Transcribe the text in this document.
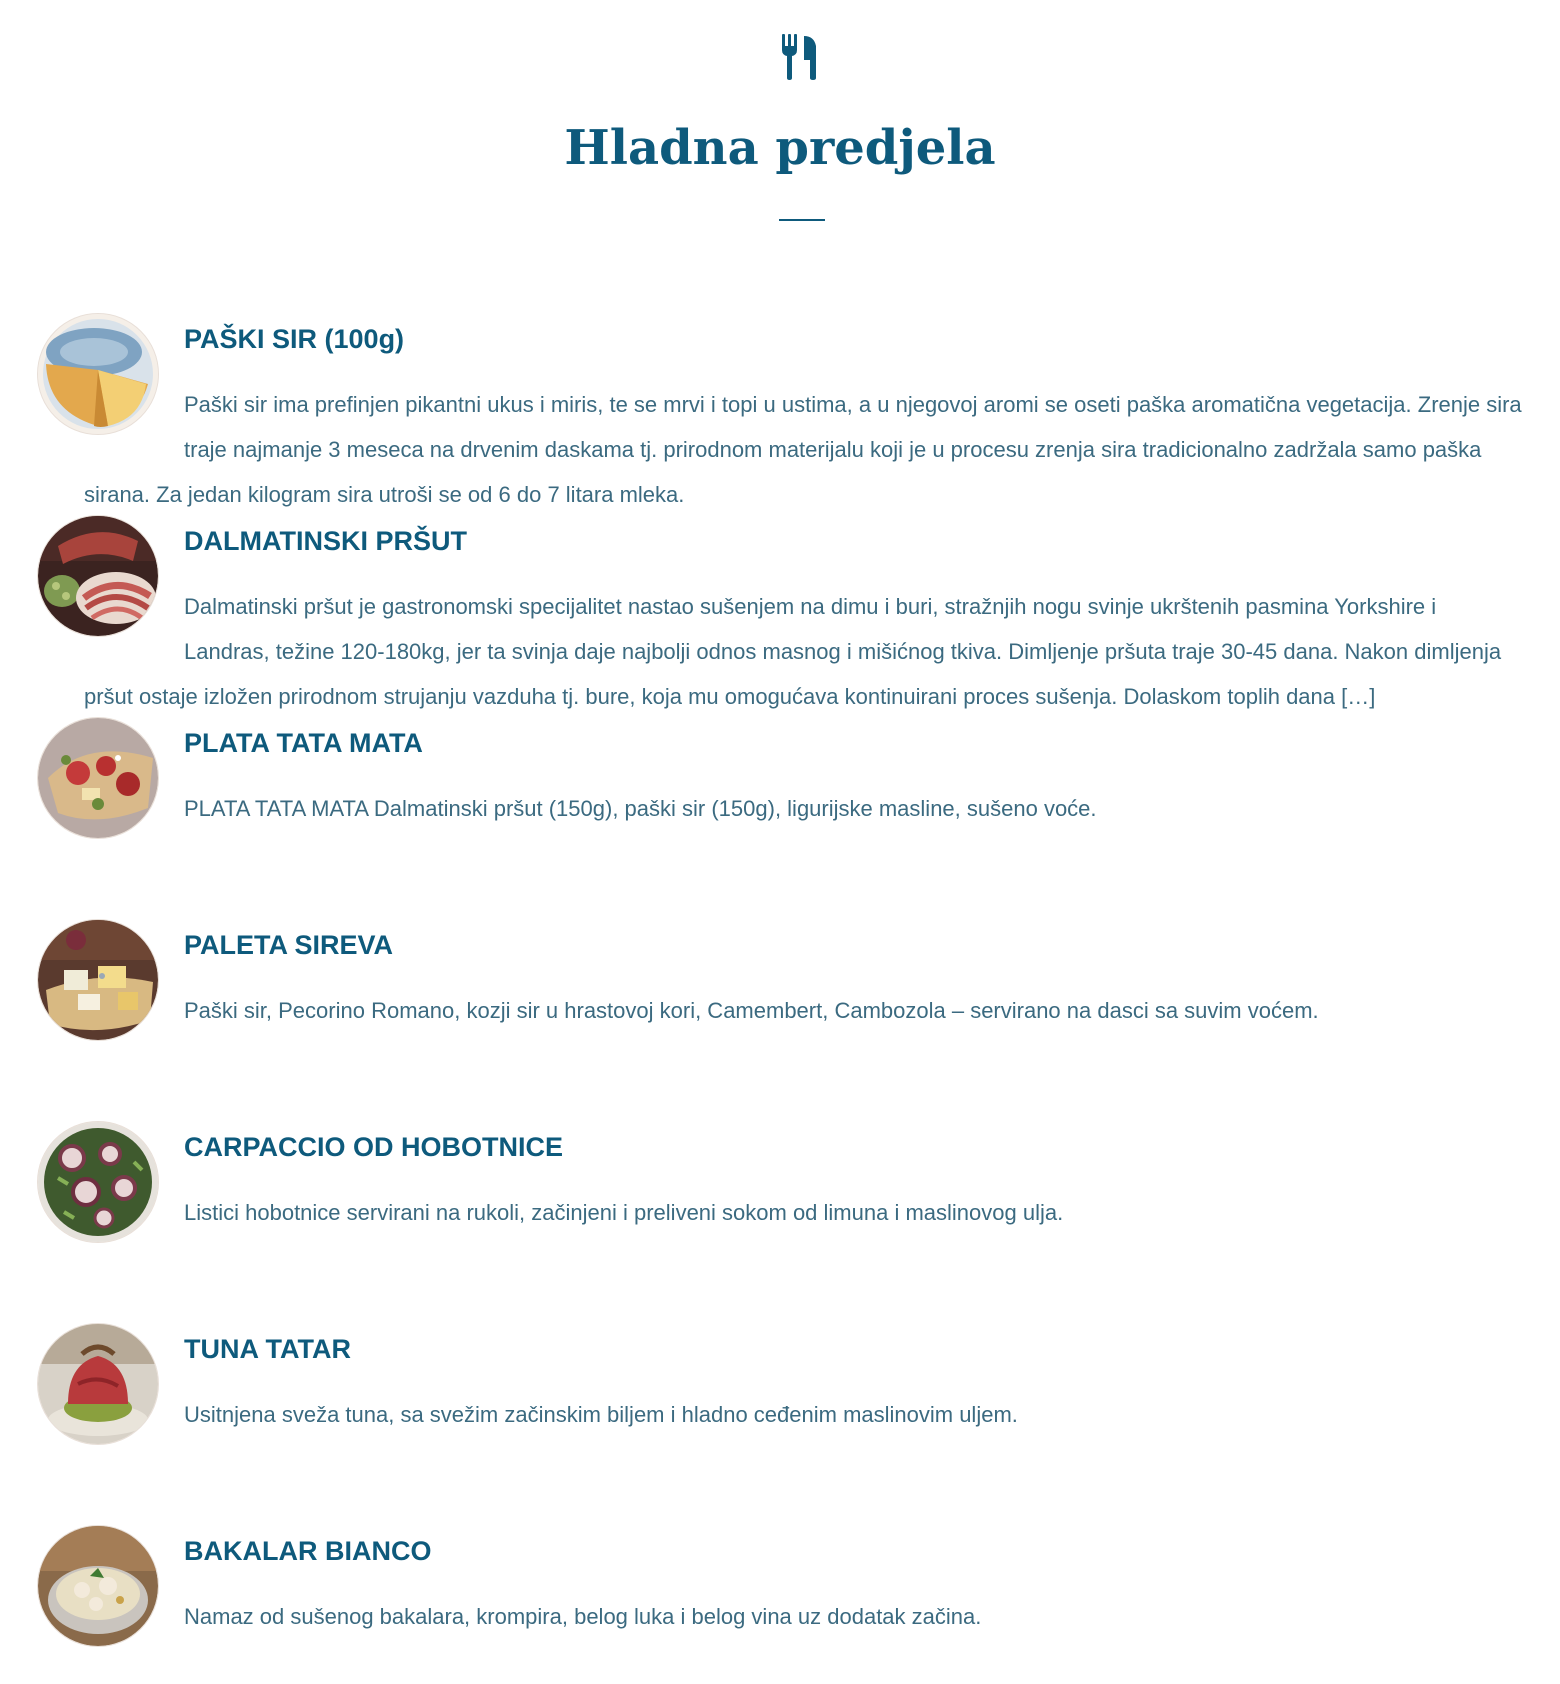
Hladna predjela
PAŠKI SIR (100g)

Paški sir ima prefinjen pikantni ukus i miris, te se mrvi i topi u ustima, a u njegovoj aromi se oseti paška aromatična vegetacija. Zrenje sira traje najmanje 3 meseca na drvenim daskama tj. prirodnom materijalu koji je u procesu zrenja sira tradicionalno zadržala samo paška sirana. Za jedan kilogram sira utroši se od 6 do 7 litara mleka.

DALMATINSKI PRŠUT

Dalmatinski pršut je gastronomski specijalitet nastao sušenjem na dimu i buri, stražnjih nogu svinje ukrštenih pasmina Yorkshire i Landras, težine 120-180kg, jer ta svinja daje najbolji odnos masnog i mišićnog tkiva. Dimljenje pršuta traje 30-45 dana. Nakon dimljenja pršut ostaje izložen prirodnom strujanju vazduha tj. bure, koja mu omogućava kontinuirani proces sušenja. Dolaskom toplih dana […]

PLATA TATA MATA

PLATA TATA MATA Dalmatinski pršut (150g), paški sir (150g), ligurijske masline, sušeno voće.

PALETA SIREVA

Paški sir, Pecorino Romano, kozji sir u hrastovoj kori, Camembert, Cambozola – servirano na dasci sa suvim voćem.

CARPACCIO OD HOBOTNICE

Listici hobotnice servirani na rukoli, začinjeni i preliveni sokom od limuna i maslinovog ulja.

TUNA TATAR

Usitnjena sveža tuna, sa svežim začinskim biljem i hladno ceđenim maslinovim uljem.

BAKALAR BIANCO

Namaz od sušenog bakalara, krompira, belog luka i belog vina uz dodatak začina.
